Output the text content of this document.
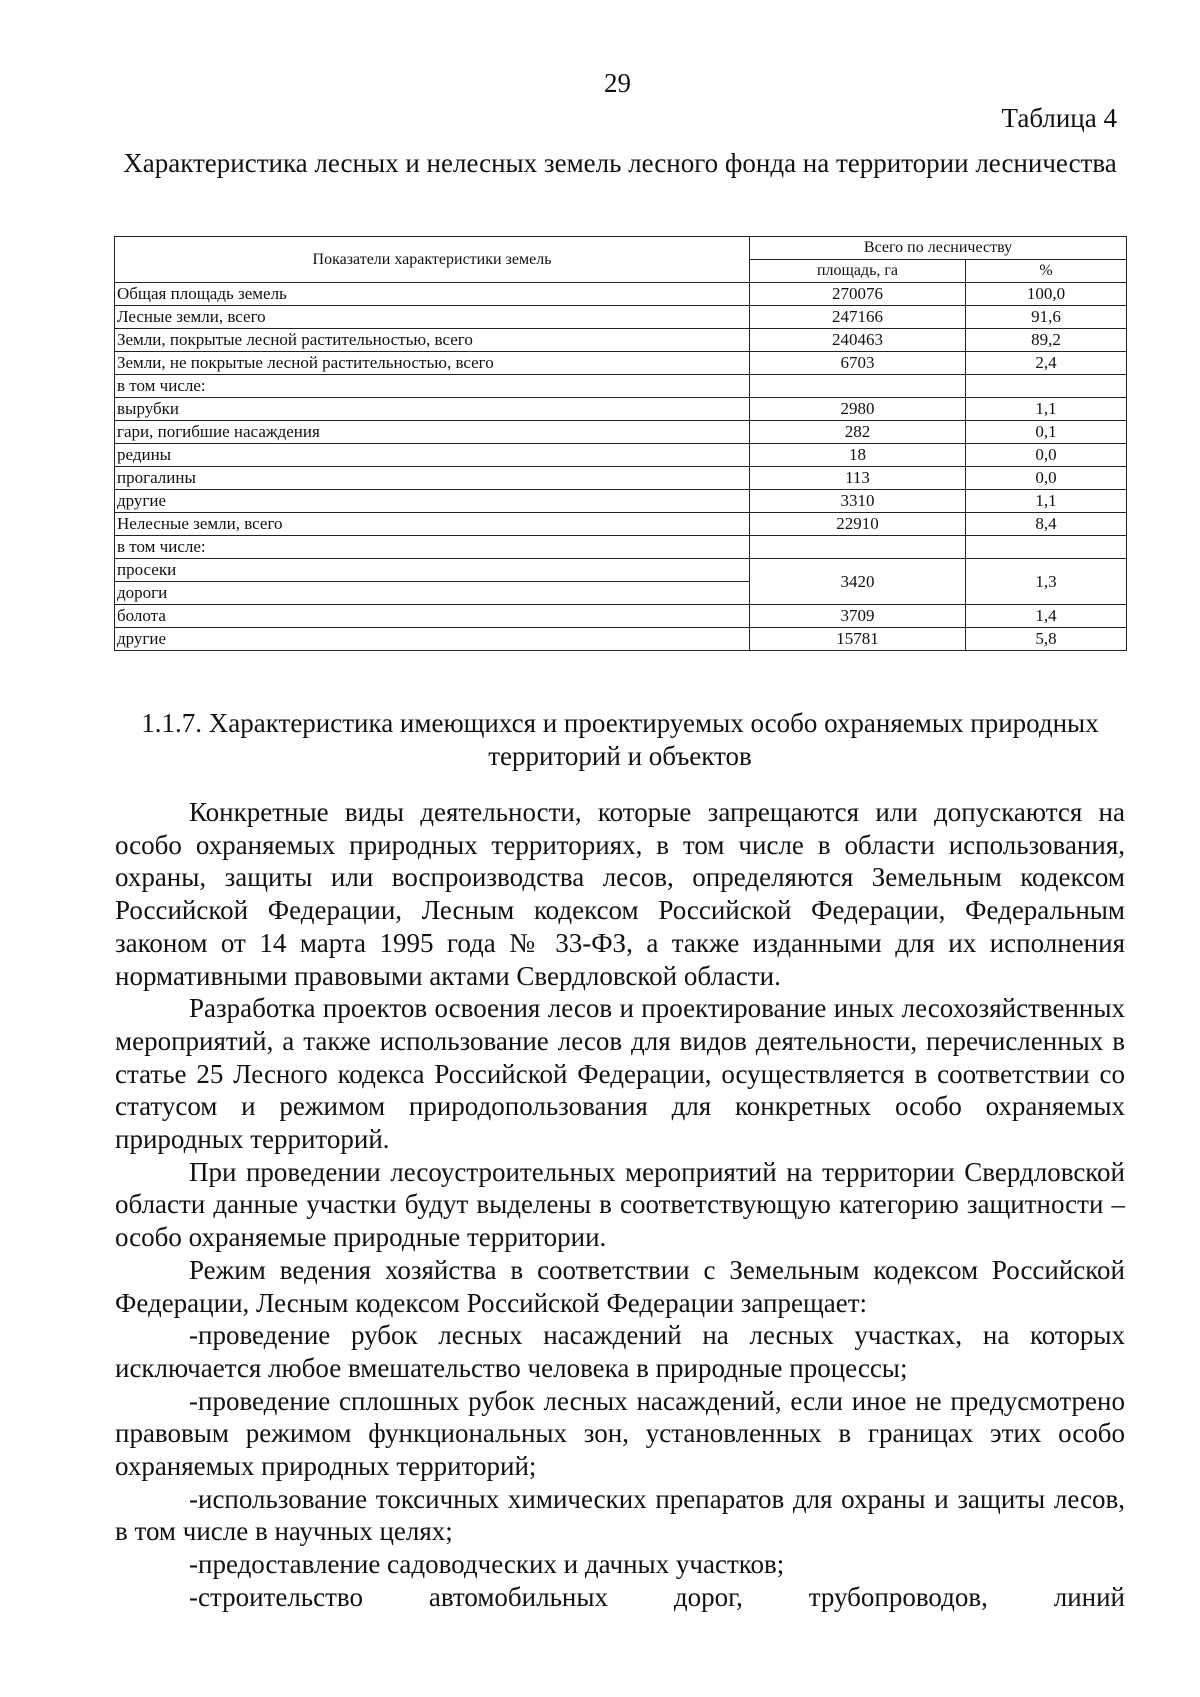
29
Таблица 4
Характеристика лесных и нелесных земель лесного фонда на территории лесничества
Показатели характеристики земель	Всего по лесничеству	
	площадь, га	%
Общая площадь земель	270076	100,0
Лесные земли, всего	247166	91,6
Земли, покрытые лесной растительностью, всего	240463	89,2
Земли, не покрытые лесной растительностью, всего	6703	2,4
в том числе:		
вырубки	2980	1,1
гари, погибшие насаждения	282	0,1
редины	18	0,0
прогалины	113	0,0
другие	3310	1,1
Нелесные земли, всего	22910	8,4
в том числе:		
просеки	3420	1,3
дороги		
болота	3709	1,4
другие	15781	5,8
1.1.7. Характеристика имеющихся и проектируемых особо охраняемых природных территорий и объектов

Конкретные виды деятельности, которые запрещаются или допускаются на особо охраняемых природных территориях, в том числе в области использования, охраны, защиты или воспроизводства лесов, определяются Земельным кодексом Российской Федерации, Лесным кодексом Российской Федерации, Федеральным законом от 14 марта 1995 года № 33-ФЗ, а также изданными для их исполнения нормативными правовыми актами Свердловской области.

Разработка проектов освоения лесов и проектирование иных лесохозяйственных мероприятий, а также использование лесов для видов деятельности, перечисленных в статье 25 Лесного кодекса Российской Федерации, осуществляется в соответствии со статусом и режимом природопользования для конкретных особо охраняемых природных территорий.

При проведении лесоустроительных мероприятий на территории Свердловской области данные участки будут выделены в соответствующую категорию защитности – особо охраняемые природные территории.

Режим ведения хозяйства в соответствии с Земельным кодексом Российской Федерации, Лесным кодексом Российской Федерации запрещает:

-проведение рубок лесных насаждений на лесных участках, на которых исключается любое вмешательство человека в природные процессы;

-проведение сплошных рубок лесных насаждений, если иное не предусмотрено правовым режимом функциональных зон, установленных в границах этих особо охраняемых природных территорий;

-использование токсичных химических препаратов для охраны и защиты лесов, в том числе в научных целях;

-предоставление садоводческих и дачных участков;

-строительство автомобильных дорог, трубопроводов, линий
